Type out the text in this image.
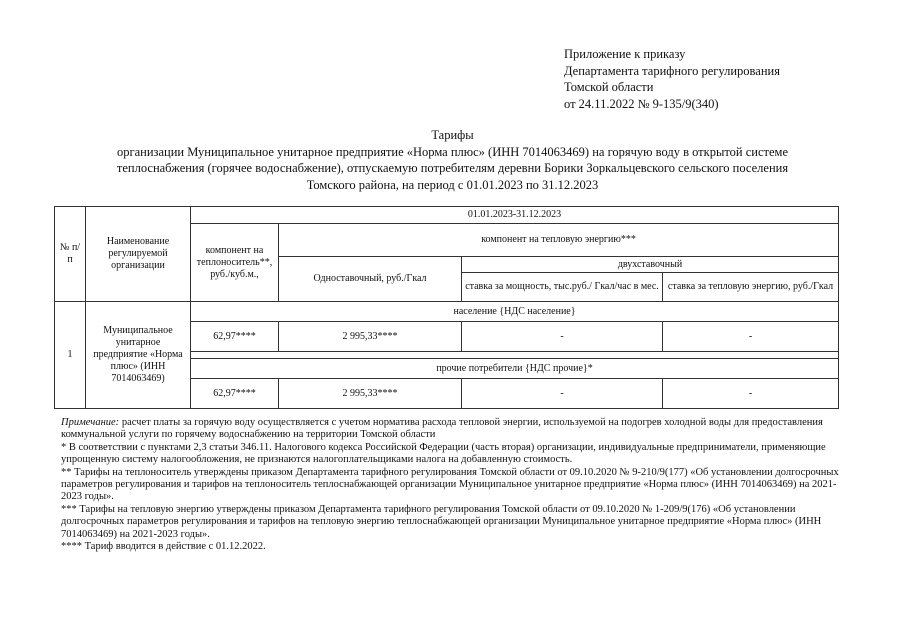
Приложение к приказу
Департамента тарифного регулирования
Томской области
от 24.11.2022 № 9-135/9(340)
Тарифы
организации Муниципальное унитарное предприятие «Норма плюс» (ИНН 7014063469) на горячую воду в открытой системе
теплоснабжения (горячее водоснабжение), отпускаемую потребителям деревни Борики Зоркальцевского сельского поселения
Томского района, на период с 01.01.2023 по 31.12.2023
№ п/п	Наименование регулируемой организации	01.01.2023-31.12.2023			
		компонент на теплоноситель**, руб./куб.м.,	компонент на тепловую энергию***		
			Одноставочный, руб./Гкал	двухставочный	
				ставка за мощность, тыс.руб./ Гкал/час в мес.	ставка за тепловую энергию, руб./Гкал
1	Муниципальное унитарное предприятие «Норма плюс» (ИНН 7014063469)	население {НДС население}			
		62,97****	2 995,33****	-	-

		прочие потребители {НДС прочие}*			
		62,97****	2 995,33****	-	-

Примечание: расчет платы за горячую воду осуществляется с учетом норматива расхода тепловой энергии, используемой на подогрев холодной воды для предоставления коммунальной услуги по горячему водоснабжению на территории Томской области

* В соответствии с пунктами 2,3 статьи 346.11. Налогового кодекса Российской Федерации (часть вторая) организации, индивидуальные предприниматели, применяющие упрощенную систему налогообложения, не признаются налогоплательщиками налога на добавленную стоимость.

** Тарифы на теплоноситель утверждены приказом Департамента тарифного регулирования Томской области от 09.10.2020 № 9-210/9(177) «Об установлении долгосрочных параметров регулирования и тарифов на теплоноситель теплоснабжающей организации Муниципальное унитарное предприятие «Норма плюс» (ИНН 7014063469) на 2021-2023 годы».

*** Тарифы на тепловую энергию утверждены приказом Департамента тарифного регулирования Томской области от 09.10.2020 № 1-209/9(176) «Об установлении долгосрочных параметров регулирования и тарифов на тепловую энергию теплоснабжающей организации Муниципальное унитарное предприятие «Норма плюс» (ИНН 7014063469) на 2021-2023 годы».

**** Тариф вводится в действие с 01.12.2022.
